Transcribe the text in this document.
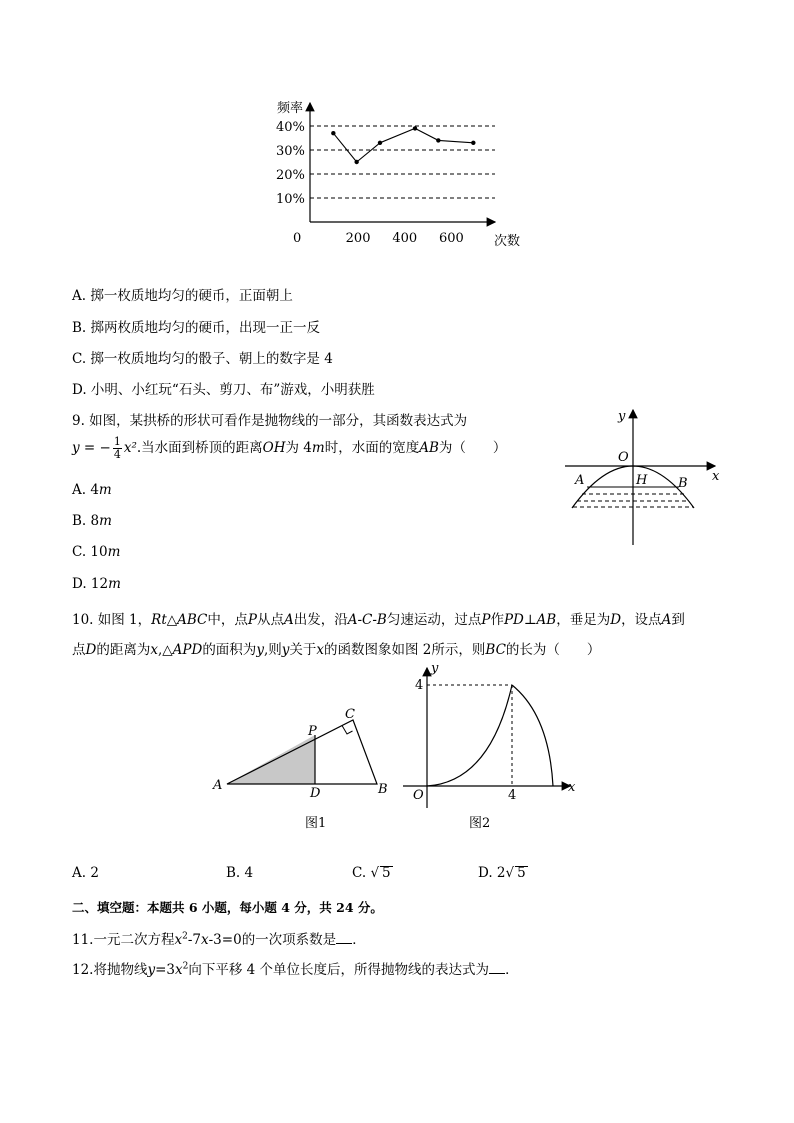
10%
20%
30%
40%
200 400 600
频率
次数
0
A. 掷一枚质地均匀的硬币，正面朝上
B. 掷两枚质地均匀的硬币，出现一正一反
C. 掷一枚质地均匀的骰子、朝上的数字是 4
D. 小明、小红玩“石头、剪刀、布”游戏，小明获胜
9. 如图，某拱桥的形状可看作是抛物线的一部分，其函数表达式为
y = − $\frac{1}{4} x^2$.当水面到桥顶的距离OH为 4m时，水面的宽度AB为（　　）
A. 4m
B. 8m
C. 10m
D. 12m
y
x
O
A	H B
10. 如图 1，Rt△ABC中，点P从点A出发，沿A-C-B匀速运动，过点P作PD⊥AB，垂足为D，设点A到
点D的距离为x,△APD的面积为y,则y关于x的函数图象如图 2所示，则BC的长为（　　）
A	B
C
P
D
图1
y
x
O
4
4
图2
A. 2	B. 4	C. √ 5	D. 2√ 5
二、填空题：本题共 6 小题，每小题 4 分，共 24 分。
11.一元二次方程$x^2-7x-3=0$的一次项系数是 ．
12.将抛物线$y=3x^2$向下平移 4 个单位长度后，所得抛物线的表达式为 ．
